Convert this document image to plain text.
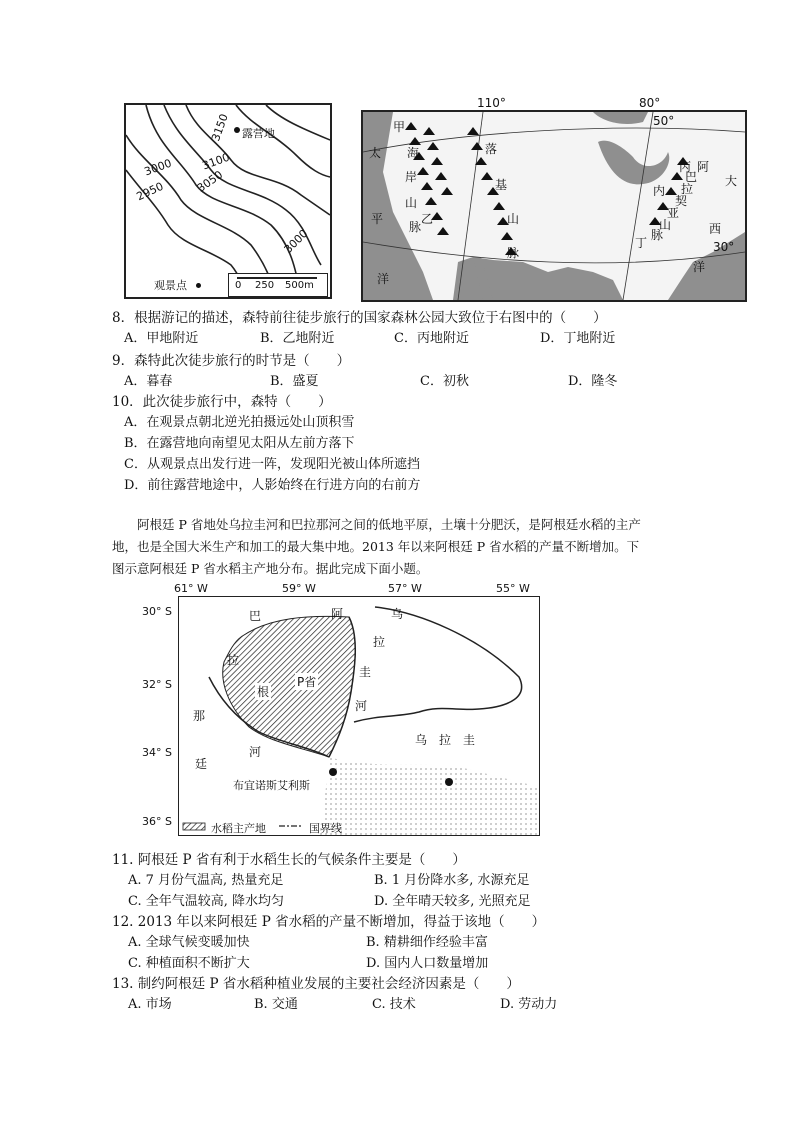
3150
3100
3050
3000
2950
3000
露营地
观景点	0 250 500m
110°
甲
太 海
岸
平
山
乙
脉
洋
落
基
山
脉
80°
50°
阿
大
丙
内
巴
拉
契
亚
山
脉
丁
西
30°
洋
8．根据游记的描述，森特前往徒步旅行的国家森林公园大致位于右图中的（　　）
A．甲地附近	B．乙地附近	C．丙地附近	D．丁地附近
9．森特此次徒步旅行的时节是（　　）
A．暮春	B．盛夏	C．初秋	D．隆冬
10．此次徒步旅行中，森特（　　）
A．在观景点朝北逆光拍摄远处山顶积雪
B．在露营地向南望见太阳从左前方落下
C．从观景点出发行进一阵，发现阳光被山体所遮挡
D．前往露营地途中，人影始终在行进方向的右前方
　　阿根廷 P 省地处乌拉圭河和巴拉那河之间的低地平原，土壤十分肥沃，是阿根廷水稻的主产
地，也是全国大米生产和加工的最大集中地。2013 年以来阿根廷 P 省水稻的产量不断增加。下
图示意阿根廷 P 省水稻主产地分布。据此完成下面小题。
61° W	59° W	57° W	55° W
30° S
32° S
34° S
36° S
巴
拉
那
河
根
P省
廷
阿	乌
拉
圭
河
乌　拉　圭
布宜诺斯艾利斯
水稻主产地	国界线
11. 阿根廷 P 省有利于水稻生长的气候条件主要是（　　）
A. 7 月份气温高, 热量充足	B. 1 月份降水多, 水源充足
C. 全年气温较高, 降水均匀	D. 全年晴天较多, 光照充足
12. 2013 年以来阿根廷 P 省水稻的产量不断增加，得益于该地（　　）
A. 全球气候变暖加快	B. 精耕细作经验丰富
C. 种植面积不断扩大	D. 国内人口数量增加
13. 制约阿根廷 P 省水稻种植业发展的主要社会经济因素是（　　）
A. 市场	B. 交通	C. 技术	D. 劳动力
